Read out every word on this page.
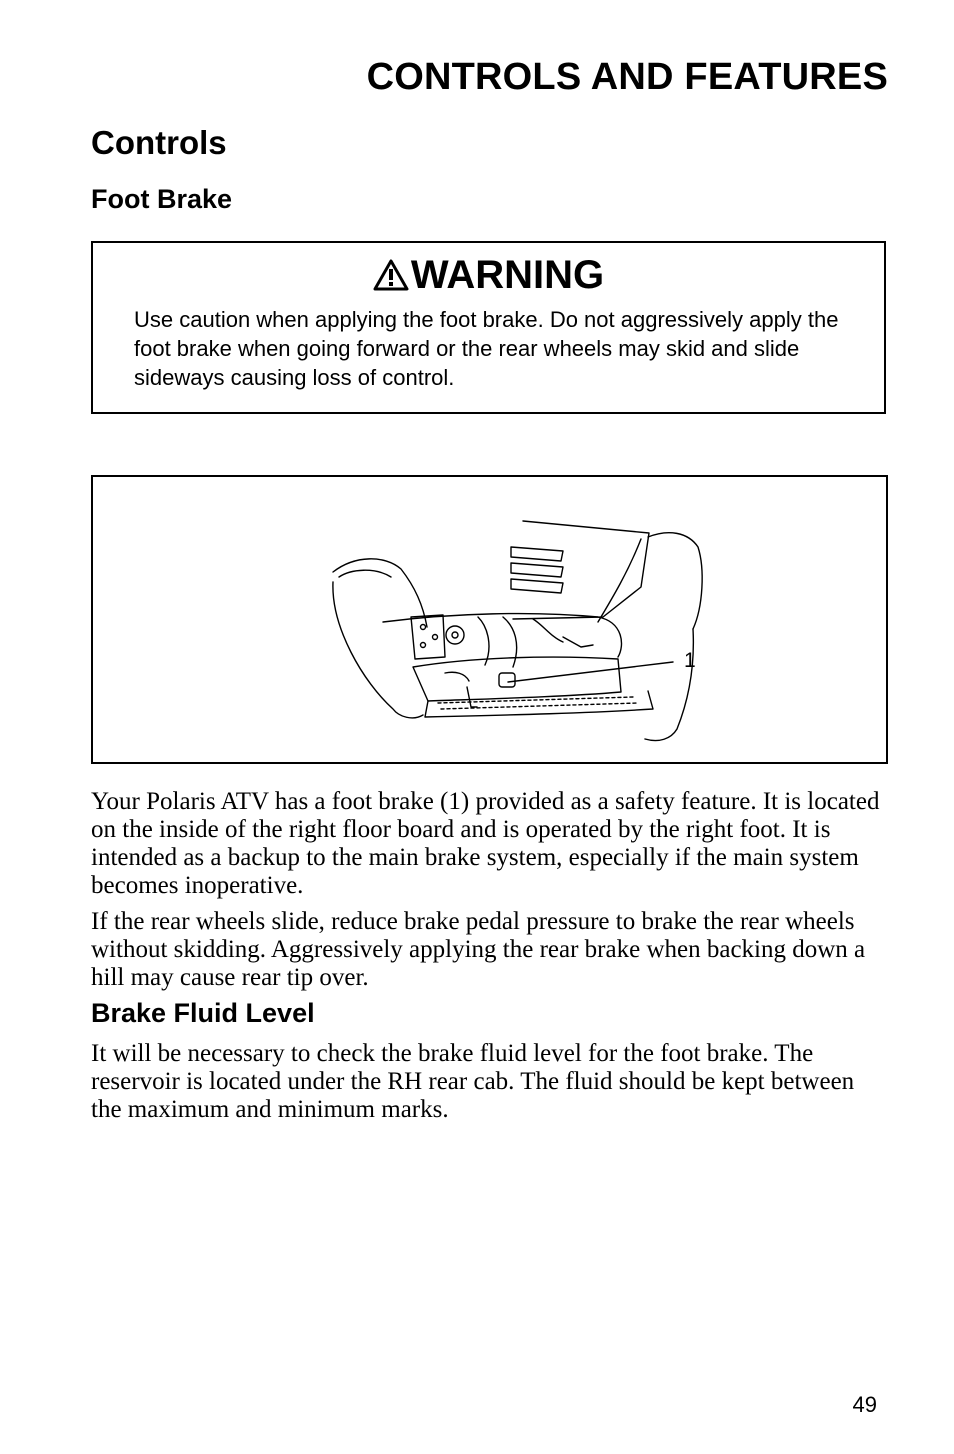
CONTROLS AND FEATURES
Controls
Foot Brake
WARNING

Use caution when applying the foot brake. Do not aggressively apply the foot brake when going forward or the rear wheels may skid and slide sideways causing loss of control.

1

Your Polaris ATV has a foot brake (1) provided as a safety feature. It is located on the inside of the right floor board and is operated by the right foot. It is intended as a backup to the main brake system, especially if the main system becomes inoperative.

If the rear wheels slide, reduce brake pedal pressure to brake the rear wheels without skidding. Aggressively applying the rear brake when backing down a hill may cause rear tip over.

Brake Fluid Level

It will be necessary to check the brake fluid level for the foot brake. The reservoir is located under the RH rear cab. The fluid should be kept between the maximum and minimum marks.

49
